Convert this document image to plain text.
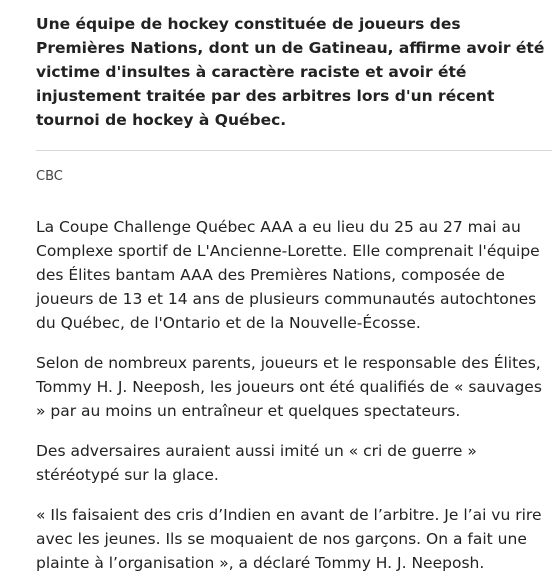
Une équipe de hockey constituée de joueurs des Premières Nations, dont un de Gatineau, affirme avoir été victime d'insultes à caractère raciste et avoir été injustement traitée par des arbitres lors d'un récent tournoi de hockey à Québec.

CBC

La Coupe Challenge Québec AAA a eu lieu du 25 au 27 mai au Complexe sportif de L'Ancienne-Lorette. Elle comprenait l'équipe des Élites bantam AAA des Premières Nations, composée de joueurs de 13 et 14 ans de plusieurs communautés autochtones du Québec, de l'Ontario et de la Nouvelle-Écosse.

Selon de nombreux parents, joueurs et le responsable des Élites, Tommy H. J. Neeposh, les joueurs ont été qualifiés de « sauvages » par au moins un entraîneur et quelques spectateurs.

Des adversaires auraient aussi imité un « cri de guerre » stéréotypé sur la glace.

« Ils faisaient des cris d’Indien en avant de l’arbitre. Je l’ai vu rire avec les jeunes. Ils se moquaient de nos garçons. On a fait une plainte à l’organisation », a déclaré Tommy H. J. Neeposh.
